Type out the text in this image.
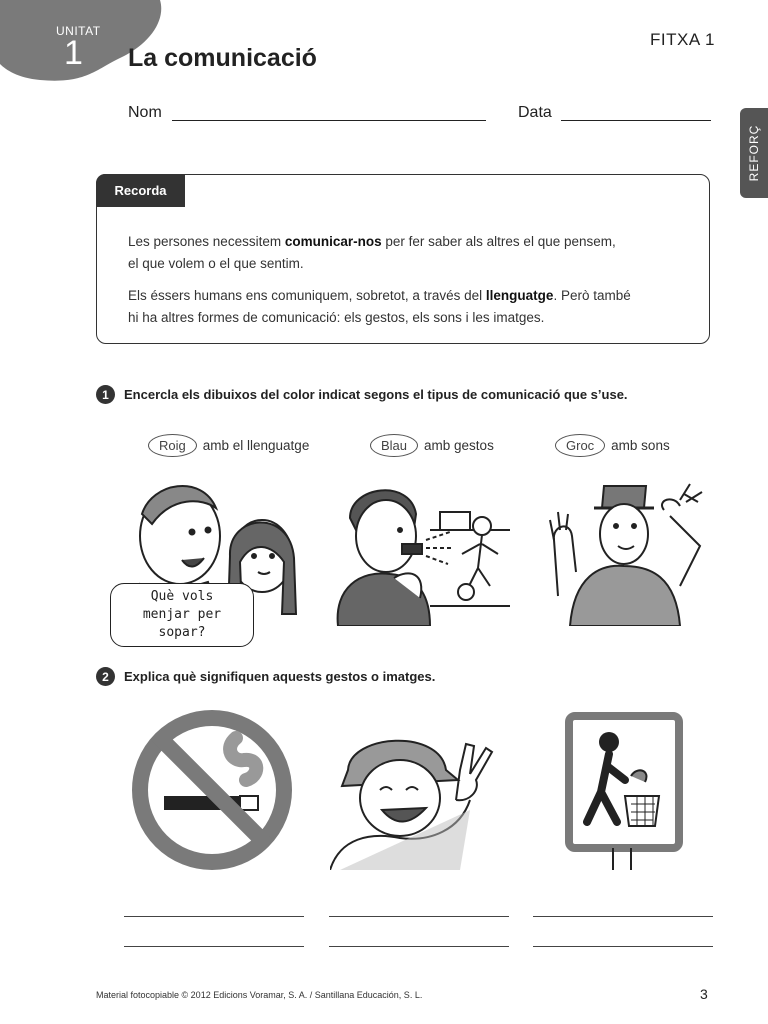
UNITAT
1 La comunicació
FITXA 1
REFORÇ
Nom	Data
Recorda
Les persones necessitem comunicar-nos per fer saber als altres el que pensem,
el que volem o el que sentim.
Els éssers humans ens comuniquem, sobretot, a través del llenguatge. Però també
hi ha altres formes de comunicació: els gestos, els sons i les imatges.
1	Encercla els dibuixos del color indicat segons el tipus de comunicació que s’use.
Roig	amb el llenguatge	Blau	amb gestos	Groc	amb sons
Què vols
menjar per sopar?
2	Explica què signifiquen aquests gestos o imatges.
Material fotocopiable © 2012 Edicions Voramar, S. A. / Santillana Educación, S. L.	3
